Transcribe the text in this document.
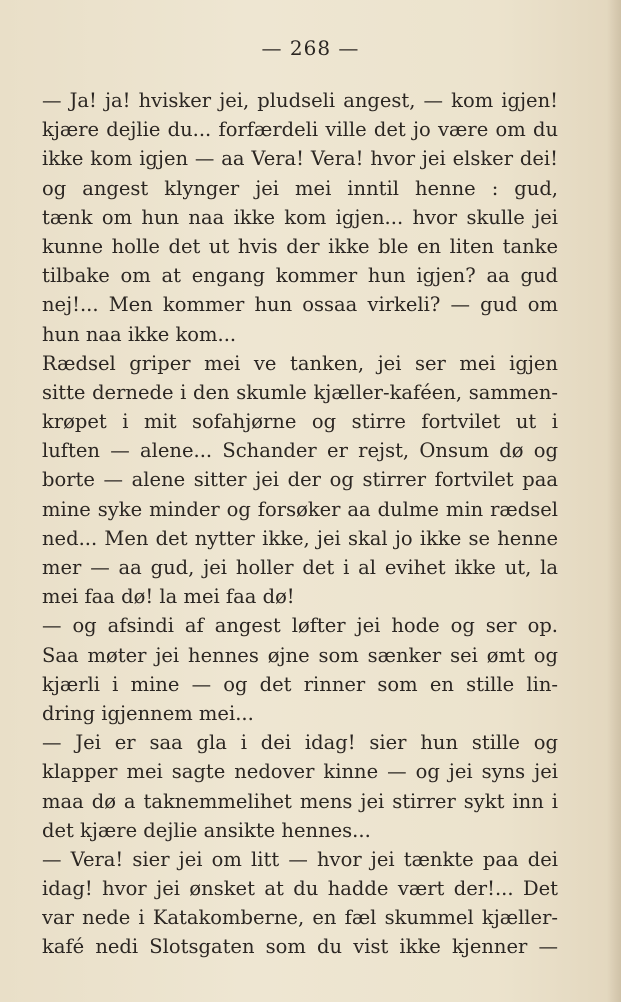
— 268 —
— Ja! ja! hvisker jei, pludseli angest, — kom igjen!
kjære dejlie du... forfærdeli ville det jo være om du
ikke kom igjen — aa Vera! Vera! hvor jei elsker dei!
og angest klynger jei mei inntil henne : gud,
tænk om hun naa ikke kom igjen... hvor skulle jei
kunne holle det ut hvis der ikke ble en liten tanke
tilbake om at engang kommer hun igjen? aa gud
nej!... Men kommer hun ossaa virkeli? — gud om
hun naa ikke kom...
Rædsel griper mei ve tanken, jei ser mei igjen
sitte dernede i den skumle kjæller-kaféen, sammen-
krøpet i mit sofahjørne og stirre fortvilet ut i
luften — alene... Schander er rejst, Onsum dø og
borte — alene sitter jei der og stirrer fortvilet paa
mine syke minder og forsøker aa dulme min rædsel
ned... Men det nytter ikke, jei skal jo ikke se henne
mer — aa gud, jei holler det i al evihet ikke ut, la
mei faa dø! la mei faa dø!
— og afsindi af angest løfter jei hode og ser op.
Saa møter jei hennes øjne som sænker sei ømt og
kjærli i mine — og det rinner som en stille lin-
dring igjennem mei...
— Jei er saa gla i dei idag! sier hun stille og
klapper mei sagte nedover kinne — og jei syns jei
maa dø a taknemmelihet mens jei stirrer sykt inn i
det kjære dejlie ansikte hennes...
— Vera! sier jei om litt — hvor jei tænkte paa dei
idag! hvor jei ønsket at du hadde vært der!... Det
var nede i Katakomberne, en fæl skummel kjæller-
kafé nedi Slotsgaten som du vist ikke kjenner —
